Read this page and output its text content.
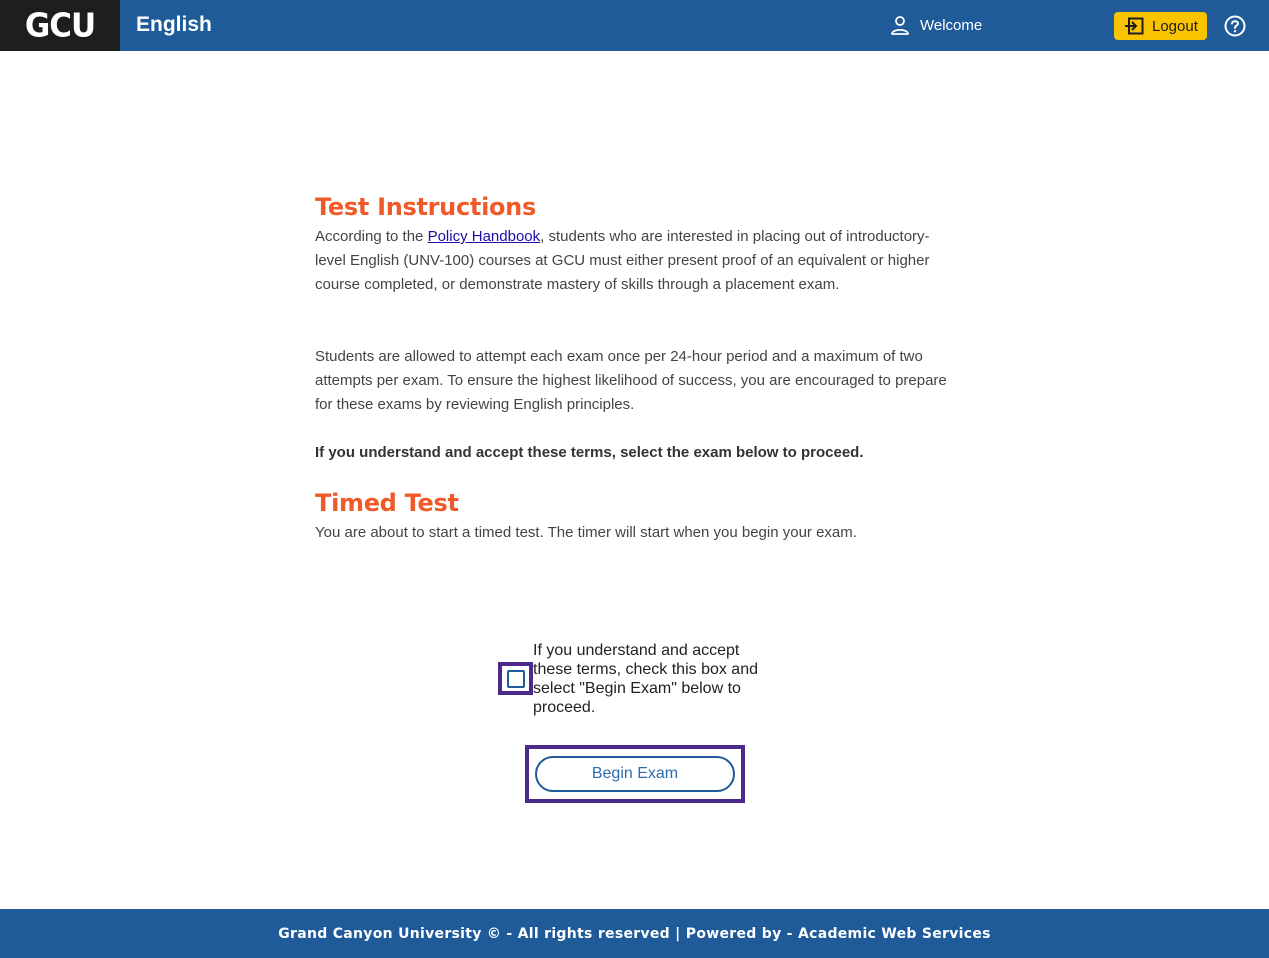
GCU English	Welcome	Logout
Test Instructions

According to the Policy Handbook, students who are interested in placing out of introductory-level English (UNV-100) courses at GCU must either present proof of an equivalent or higher course completed, or demonstrate mastery of skills through a placement exam.

Students are allowed to attempt each exam once per 24-hour period and a maximum of two attempts per exam. To ensure the highest likelihood of success, you are encouraged to prepare for these exams by reviewing English principles.

If you understand and accept these terms, select the exam below to proceed.

Timed Test

You are about to start a timed test. The timer will start when you begin your exam.

If you understand and accept these terms, check this box and select "Begin Exam" below to proceed.
Begin Exam
Grand Canyon University © - All rights reserved | Powered by - Academic Web Services
